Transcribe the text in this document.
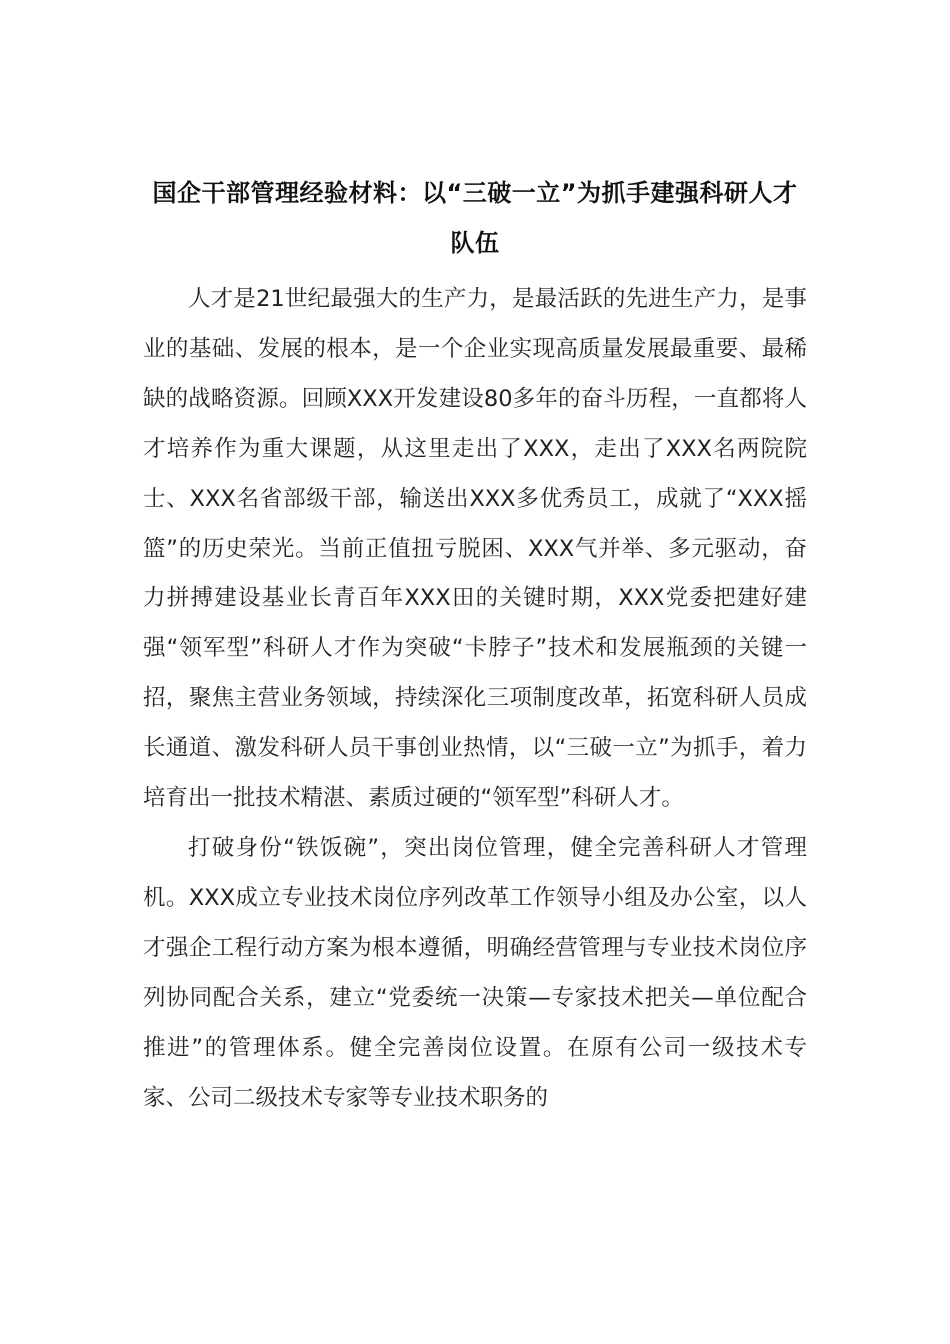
国企干部管理经验材料：以“三破一立”为抓手建强科研人才队伍

人才是21世纪最强大的生产力，是最活跃的先进生产力，是事业的基础、发展的根本，是一个企业实现高质量发展最重要、最稀缺的战略资源。回顾XXX开发建设80多年的奋斗历程，一直都将人才培养作为重大课题，从这里走出了XXX，走出了XXX名两院院士、XXX名省部级干部，输送出XXX多优秀员工，成就了“XXX摇篮”的历史荣光。当前正值扭亏脱困、XXX气并举、多元驱动，奋力拼搏建设基业长青百年XXX田的关键时期，XXX党委把建好建强“领军型”科研人才作为突破“卡脖子”技术和发展瓶颈的关键一招，聚焦主营业务领域，持续深化三项制度改革，拓宽科研人员成长通道、激发科研人员干事创业热情，以“三破一立”为抓手，着力培育出一批技术精湛、素质过硬的“领军型”科研人才。

打破身份“铁饭碗”，突出岗位管理，健全完善科研人才管理机。XXX成立专业技术岗位序列改革工作领导小组及办公室，以人才强企工程行动方案为根本遵循，明确经营管理与专业技术岗位序列协同配合关系，建立“党委统一决策—专家技术把关—单位配合推进”的管理体系。健全完善岗位设置。在原有公司一级技术专家、公司二级技术专家等专业技术职务的
